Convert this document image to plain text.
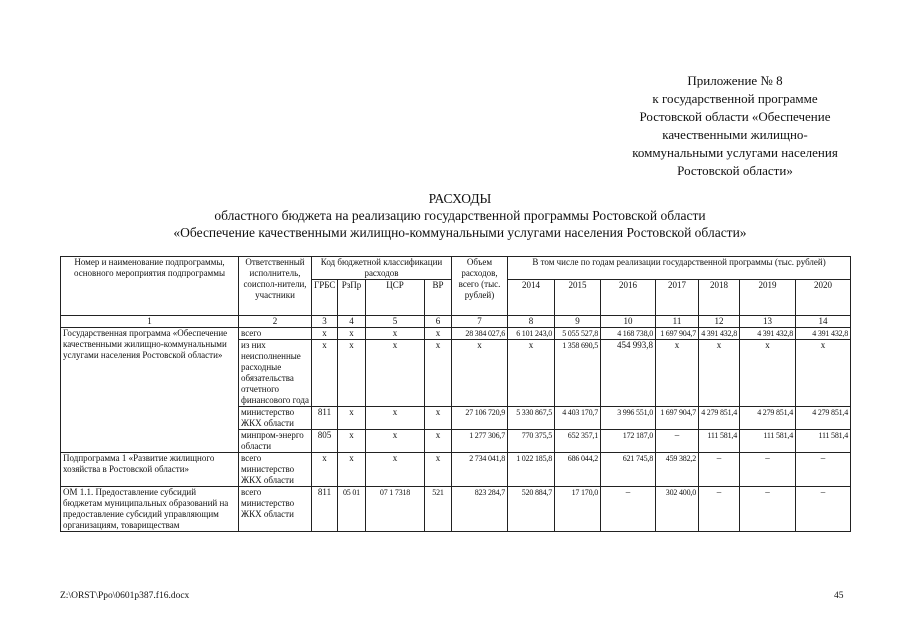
Приложение № 8
к государственной программе
Ростовской области «Обеспечение
качественными жилищно-
коммунальными услугами населения
Ростовской области»
РАСХОДЫ
областного бюджета на реализацию государственной программы Ростовской области
«Обеспечение качественными жилищно-коммунальными услугами населения Ростовской области»
Номер и наименование подпрограммы, основного мероприятия подпрограммы	Ответственный исполнитель, соиспол-нители, участники	Код бюджетной классификации расходов				Объем расходов, всего (тыс. рублей)	В том числе по годам реализации государственной программы (тыс. рублей)						
		ГРБС	РзПр	ЦСР	ВР		2014	2015	2016	2017	2018	2019	2020
1	2	3	4	5	6	7	8	9	10	11	12	13	14
Государственная программа «Обеспечение качественными жилищно-коммунальными услугами населения Ростовской области»	всего	х	х	х	х	28 384 027,6	6 101 243,0	5 055 527,8	4 168 738,0	1 697 904,7	4 391 432,8	4 391 432,8	4 391 432,8
	из них неисполненные расходные обязательства отчетного финансового года	х	х	х	х	х	х	1 358 690,5	454 993,8	х	х	х	х
	министерство ЖКХ области	811	х	х	х	27 106 720,9	5 330 867,5	4 403 170,7	3 996 551,0	1 697 904,7	4 279 851,4	4 279 851,4	4 279 851,4
	минпром-энерго области	805	х	х	х	1 277 306,7	770 375,5	652 357,1	172 187,0	–	111 581,4	111 581,4	111 581,4
Подпрограмма 1 «Развитие жилищного хозяйства в Ростовской области»	всего министерство ЖКХ области	х	х	х	х	2 734 041,8	1 022 185,8	686 044,2	621 745,8	459 382,2	–	–	–
ОМ 1.1. Предоставление субсидий бюджетам муниципальных образований на предоставление субсидий управляющим организациям, товариществам	всего министерство ЖКХ области	811	05 01	07 1 7318	521	823 284,7	520 884,7	17 170,0	–	302 400,0	–	–	–
Z:\ORST\Ppo\0601p387.f16.docx	45
